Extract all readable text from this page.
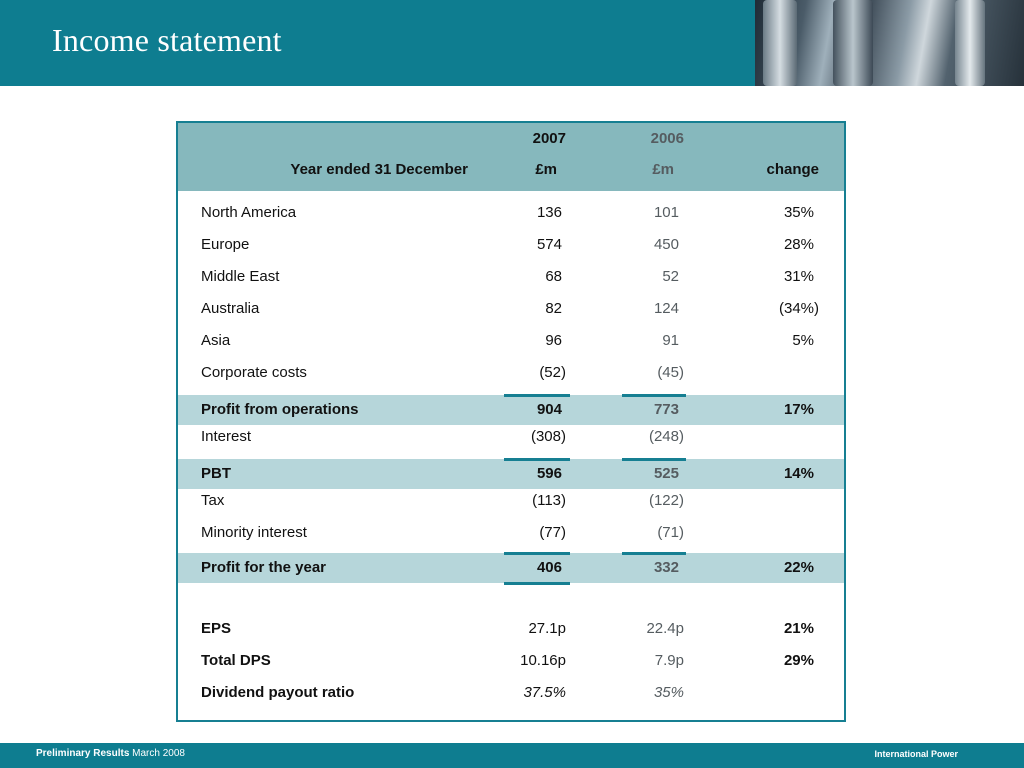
Income statement
2007	2006
Year ended 31 December	£m	£m	change
North America	136	101	35%
Europe	574	450	28%
Middle East	68	52	31%
Australia	82	124	(34%)
Asia	96	91	5%
Corporate costs	(52)	(45)
Profit from operations	904	773	17%
Interest	(308)	(248)
PBT	596	525	14%
Tax	(113)	(122)
Minority interest	(77)	(71)
Profit for the year	406	332	22%
EPS	27.1p	22.4p	21%
Total DPS	10.16p	7.9p	29%
Dividend payout ratio	37.5%	35%
Preliminary Results March 2008	International Power
